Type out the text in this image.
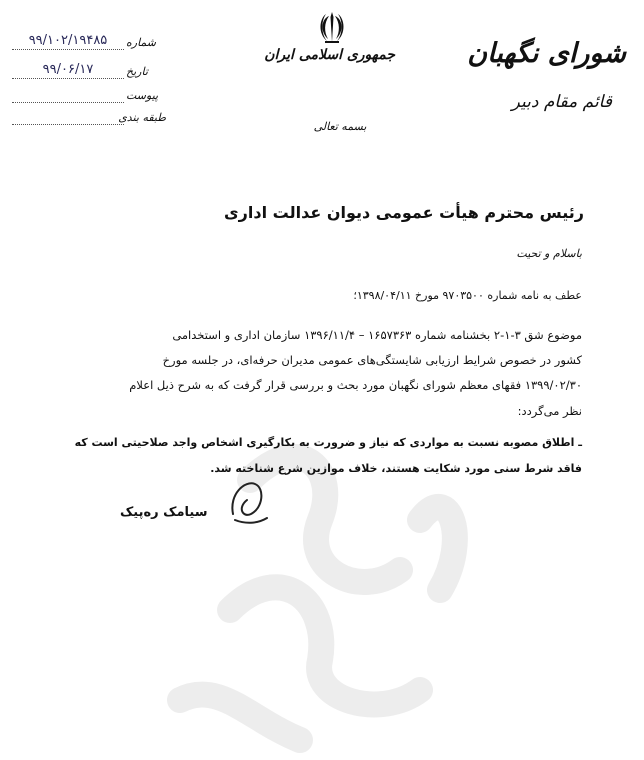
جمهوری اسلامی ایران
بسمه تعالی
شورای نگهبان
قائم مقام دبیر
۹۹/۱۰۲/۱۹۴۸۵	شماره
۹۹/۰۶/۱۷	تاریخ
پیوست
طبقه بندی
رئیس محترم هیأت عمومی دیوان عدالت اداری
باسلام و تحیت
عطف به نامه شماره ۹۷۰۳۵۰۰ مورخ ۱۳۹۸/۰۴/۱۱؛
موضوع شق ۳-۱-۲ بخشنامه شماره ۱۶۵۷۳۶۳ – ۱۳۹۶/۱۱/۴ سازمان اداری و استخدامی
کشور در خصوص شرایط ارزیابی شایستگی‌های عمومی مدیران حرفه‌ای، در جلسه مورخ
۱۳۹۹/۰۲/۳۰ فقهای معظم شورای نگهبان مورد بحث و بررسی قرار گرفت که به شرح ذیل اعلام
نظر می‌گردد:
ـ اطلاق مصوبه نسبت به مواردی که نیاز و ضرورت به بکارگیری اشخاص واجد صلاحیتی است که
فاقد شرط سنی مورد شکایت هستند، خلاف موازین شرع شناخته شد.
سیامک ره‌پیک
